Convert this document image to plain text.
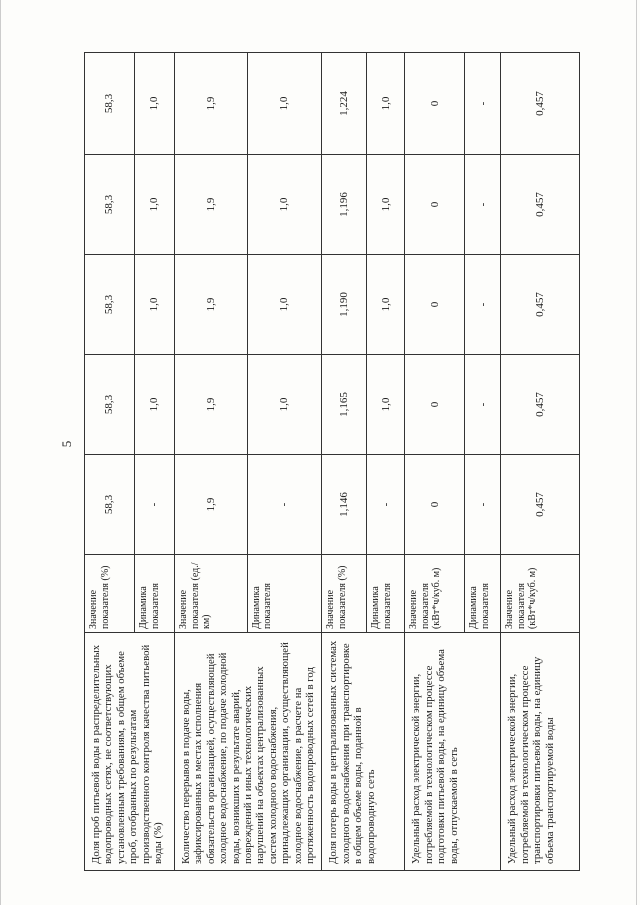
5
Доля проб питьевой воды в распределительных водопроводных сетях, не соответствующих установленным требованиям, в общем объеме проб, отобранных по результатам производственного контроля качества питьевой воды (%)	Значение показателя (%)	58,3	58,3	58,3	58,3	58,3
	Динамика показателя	-	1,0	1,0	1,0	1,0
Количество перерывов в подаче воды, зафиксированных в местах исполнения обязательств организацией, осуществляющей холодное водоснабжение, по подаче холодной воды, возникших в результате аварий, повреждений и иных технологических нарушений на объектах централизованных систем холодного водоснабжения, принадлежащих организации, осуществляющей холодное водоснабжение, в расчете на протяженность водопроводных сетей в год	Значение показателя (ед./км)	1,9	1,9	1,9	1,9	1,9
	Динамика показателя	-	1,0	1,0	1,0	1,0
Доля потерь воды в централизованных системах холодного водоснабжения при транспортировке в общем объеме воды, поданной в водопроводную сеть	Значение показателя (%)	1,146	1,165	1,190	1,196	1,224
	Динамика показателя	-	1,0	1,0	1,0	1,0
Удельный расход электрической энергии, потребляемой в технологическом процессе подготовки питьевой воды, на единицу объема воды, отпускаемой в сеть	Значение показателя (кВт*ч/куб. м)	0	0	0	0	0
	Динамика показателя	-	-	-	-	-
Удельный расход электрической энергии, потребляемой в технологическом процессе транспортировки питьевой воды, на единицу объема транспортируемой воды	Значение показателя (кВт*ч/куб. м)	0,457	0,457	0,457	0,457	0,457
